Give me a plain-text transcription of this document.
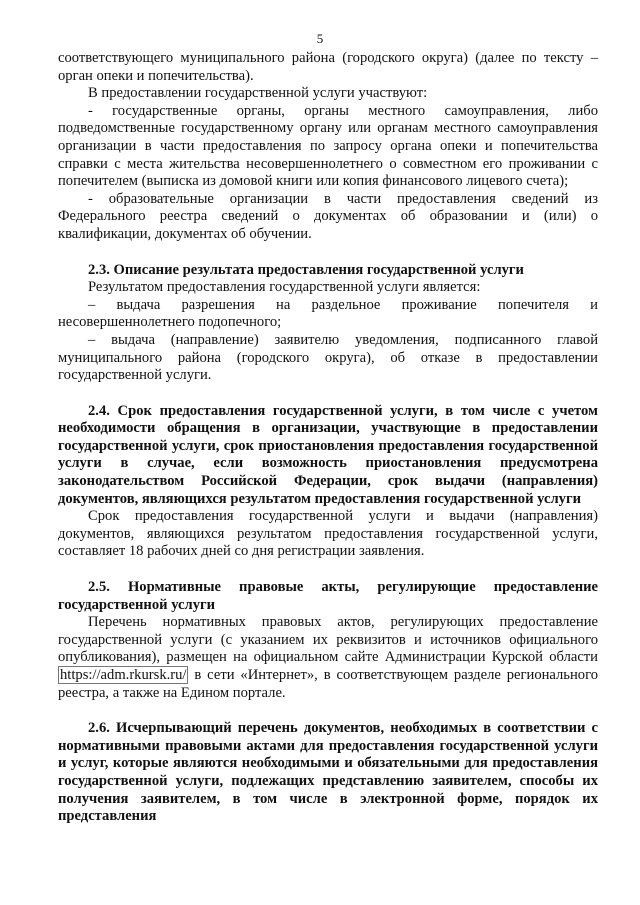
5

соответствующего муниципального района (городского округа) (далее по тексту – орган опеки и попечительства).

В предоставлении государственной услуги участвуют:

- государственные органы, органы местного самоуправления, либо подведомственные государственному органу или органам местного самоуправления организации в части предоставления по запросу органа опеки и попечительства справки с места жительства несовершеннолетнего о совместном его проживании с попечителем (выписка из домовой книги или копия финансового лицевого счета);

- образовательные организации в части предоставления сведений из Федерального реестра сведений о документах об образовании и (или) о квалификации, документах об обучении.

2.3. Описание результата предоставления государственной услуги

Результатом предоставления государственной услуги является:

– выдача разрешения на раздельное проживание попечителя и несовершеннолетнего подопечного;

– выдача (направление) заявителю уведомления, подписанного главой муниципального района (городского округа), об отказе в предоставлении государственной услуги.

2.4. Срок предоставления государственной услуги, в том числе с учетом необходимости обращения в организации, участвующие в предоставлении государственной услуги, срок приостановления предоставления государственной услуги в случае, если возможность приостановления предусмотрена законодательством Российской Федерации, срок выдачи (направления) документов, являющихся результатом предоставления государственной услуги

Срок предоставления государственной услуги и выдачи (направления) документов, являющихся результатом предоставления государственной услуги, составляет 18 рабочих дней со дня регистрации заявления.

2.5. Нормативные правовые акты, регулирующие предоставление государственной услуги

Перечень нормативных правовых актов, регулирующих предоставление государственной услуги (с указанием их реквизитов и источников официального опубликования), размещен на официальном сайте Администрации Курской области https://adm.rkursk.ru/ в сети «Интернет», в соответствующем разделе регионального реестра, а также на Едином портале.

2.6. Исчерпывающий перечень документов, необходимых в соответствии с нормативными правовыми актами для предоставления государственной услуги и услуг, которые являются необходимыми и обязательными для предоставления государственной услуги, подлежащих представлению заявителем, способы их получения заявителем, в том числе в электронной форме, порядок их представления
